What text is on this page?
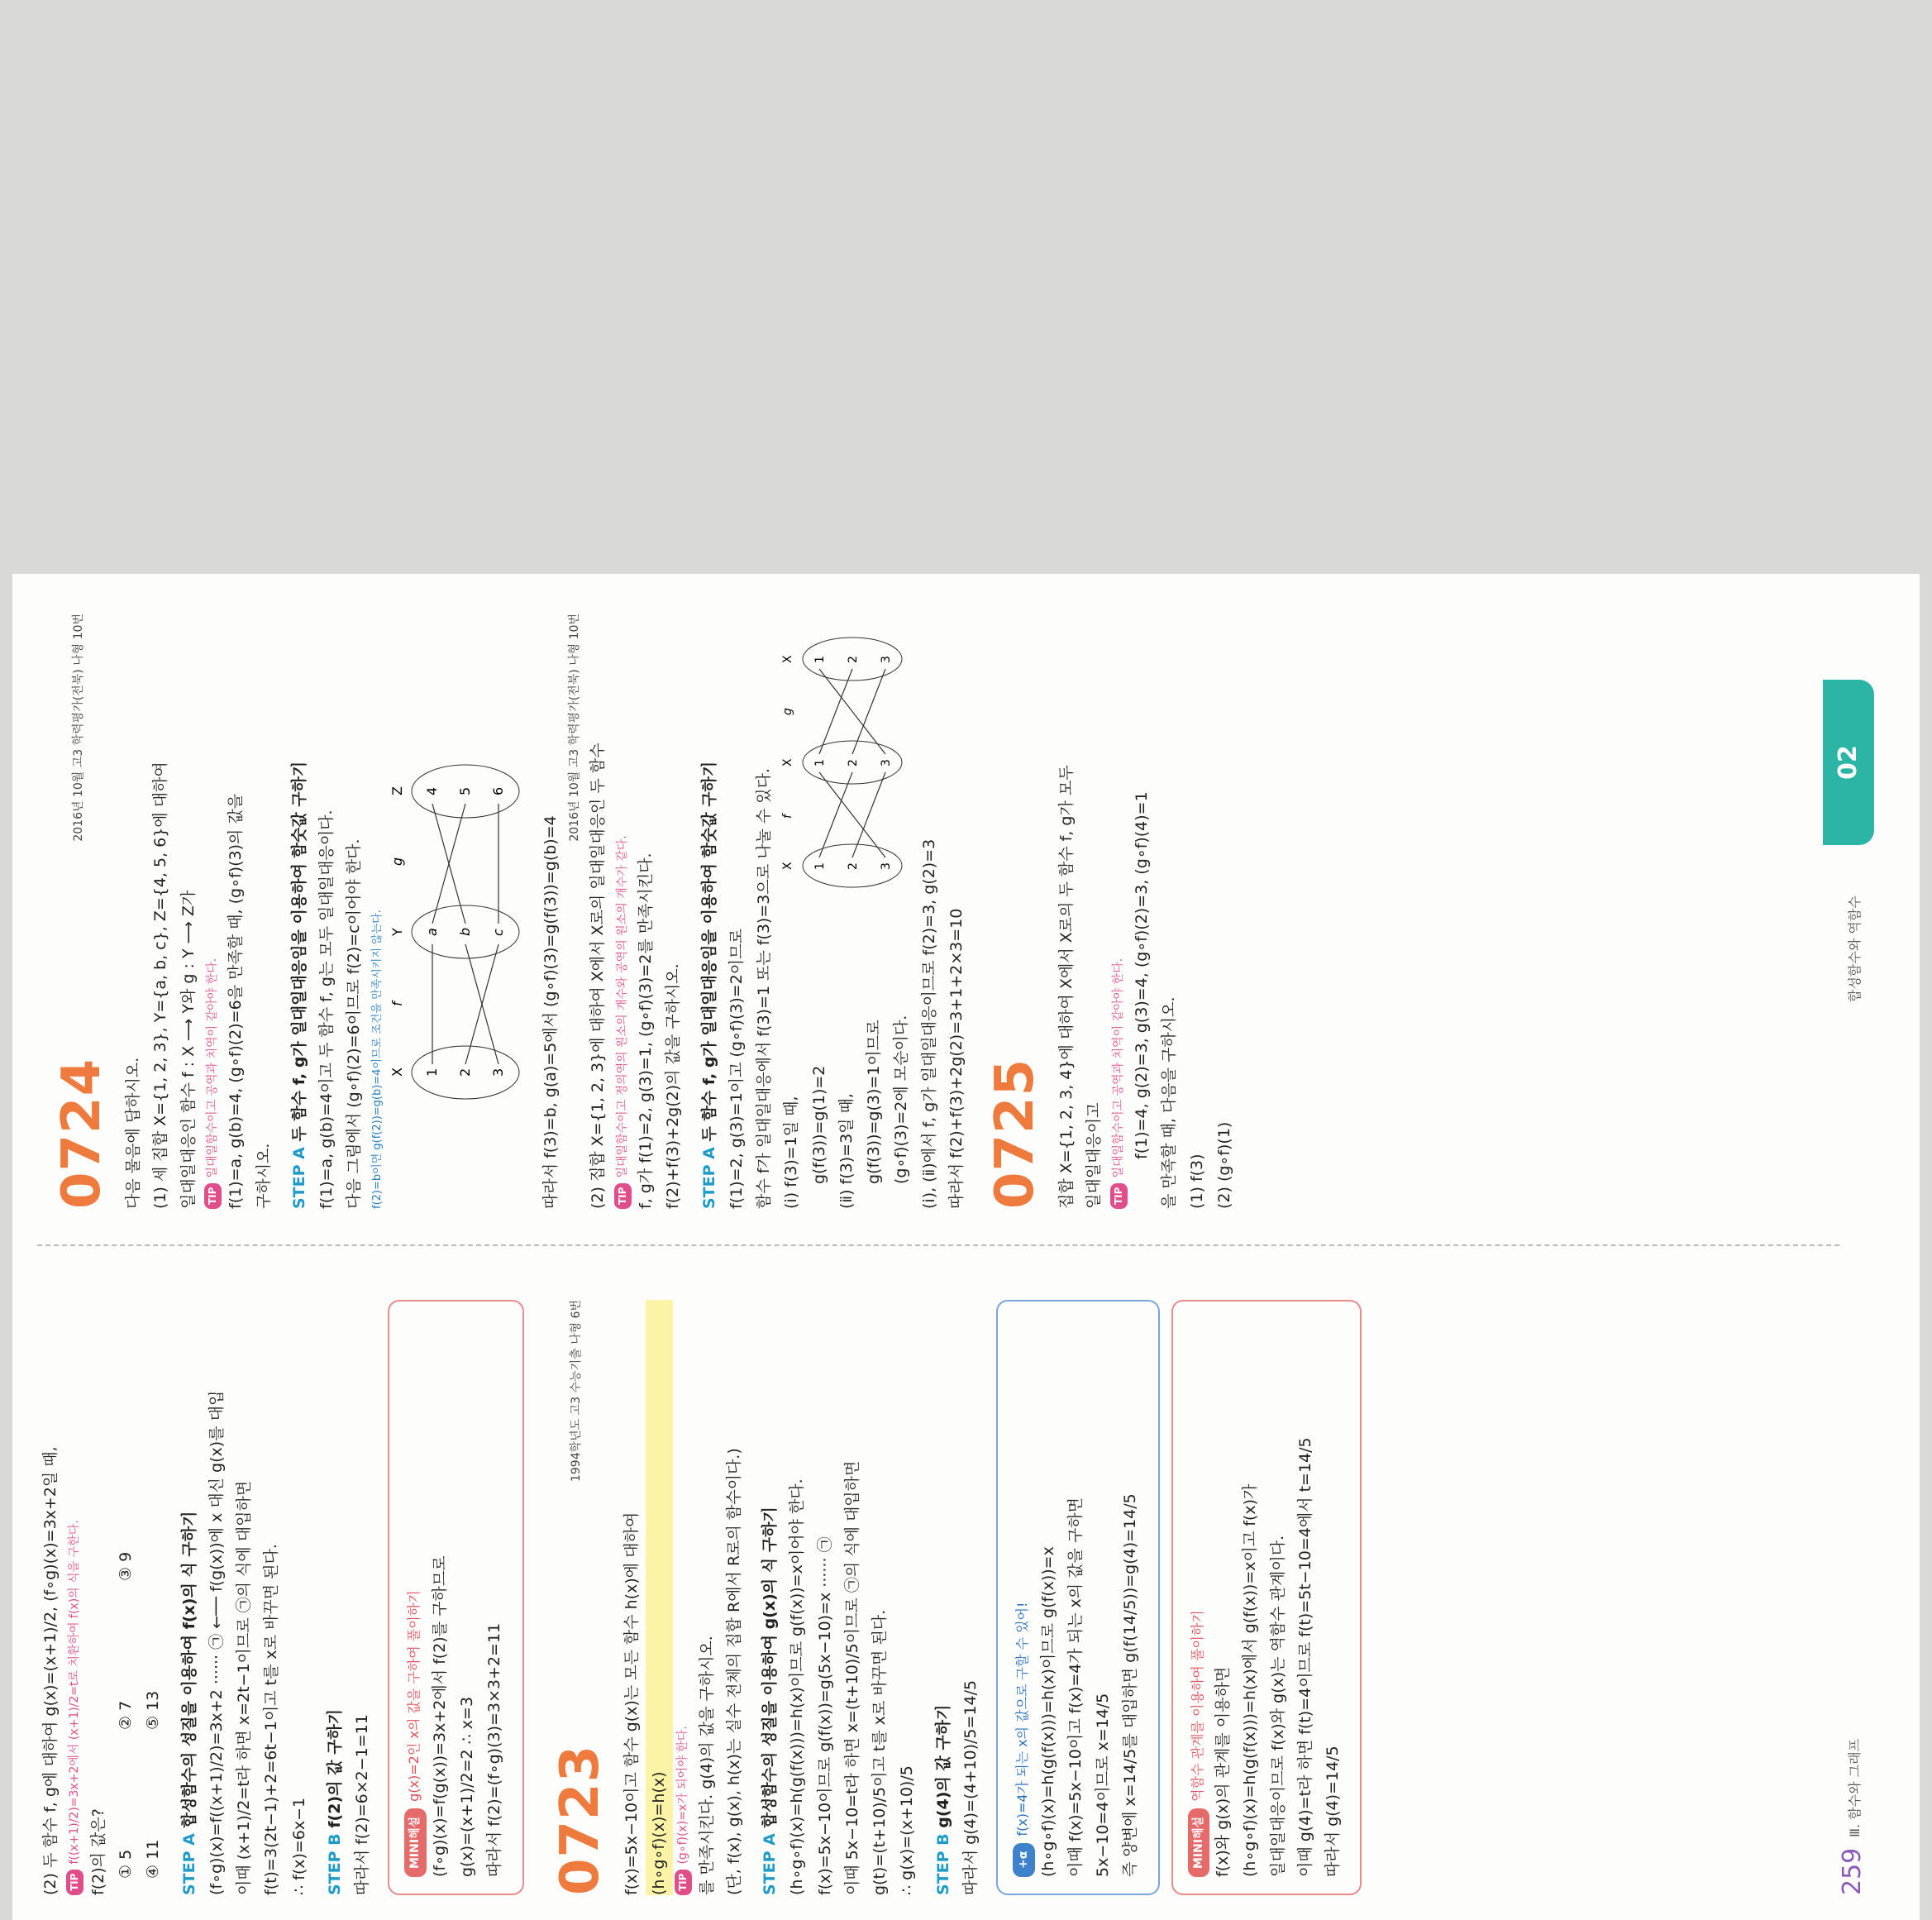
(2) 두 함수 f, g에 대하여 g(x)=(x+1)/2, (f∘g)(x)=3x+2일 때, TIPf((x+1)/2)=3x+2에서 (x+1)/2=t로 치환하여 f(x)의 식을 구한다. f(2)의 값은? ① 5
② 7
③ 9
④ 11
⑤ 13
STEP A 합성함수의 성질을 이용하여 f(x)의 식 구하기 (f∘g)(x)=f((x+1)/2)=3x+2 ······ ㉠ ←── f(g(x))에 x 대신 g(x)를 대입 이때 (x+1)/2=t라 하면 x=2t−1이므로 ㉠의 식에 대입하면 f(t)=3(2t−1)+2=6t−1이고 t를 x로 바꾸면 된다. ∴ f(x)=6x−1	STEP B f(2)의 값 구하기 따라서 f(2)=6×2−1=11	MINI해설g(x)=2인 x의 값을 구하여 풀이하기 (f∘g)(x)=f(g(x))=3x+2에서 f(2)를 구하므로 g(x)=(x+1)/2=2 ∴ x=3 따라서 f(2)=(f∘g)(3)=3×3+2=11 0723
1994학년도 고3 수능기출 나형 6번
f(x)=5x−10이고 함수 g(x)는 모든 함수 h(x)에 대하여 (h∘g∘f)(x)=h(x) TIP(g∘f)(x)=x가 되어야 한다. 를 만족시킨다. g(4)의 값을 구하시오. (단, f(x), g(x), h(x)는 실수 전체의 집합 R에서 R로의 함수이다.)	STEP A 합성함수의 성질을 이용하여 g(x)의 식 구하기 (h∘g∘f)(x)=h(g(f(x)))=h(x)이므로 g(f(x))=x이어야 한다. f(x)=5x−10이므로 g(f(x))=g(5x−10)=x ······ ㉠ 이때 5x−10=t라 하면 x=(t+10)/5이므로 ㉠의 식에 대입하면 g(t)=(t+10)/5이고 t를 x로 바꾸면 된다. ∴ g(x)=(x+10)/5	STEP B g(4)의 값 구하기 따라서 g(4)=(4+10)/5=14/5	+αf(x)=4가 되는 x의 값으로 구할 수 있어! (h∘g∘f)(x)=h(g(f(x)))=h(x)이므로 g(f(x))=x 이때 f(x)=5x−10이고 f(x)=4가 되는 x의 값을 구하면 5x−10=4이므로 x=14/5 즉 양변에 x=14/5를 대입하면 g(f(14/5))=g(4)=14/5	MINI해설역함수 관계를 이용하여 풀이하기 f(x)와 g(x)의 관계를 이용하면 (h∘g∘f)(x)=h(g(f(x)))=h(x)에서 g(f(x))=x이고 f(x)가 일대일대응이므로 f(x)와 g(x)는 역함수 관계이다. 이때 g(4)=t라 하면 f(t)=4이므로 f(t)=5t−10=4에서 t=14/5 따라서 g(4)=14/5
0724
2016년 10월 고3 학력평가(전북) 나형 10번
다음 물음에 답하시오. (1) 세 집합 X={1, 2, 3}, Y={a, b, c}, Z={4, 5, 6}에 대하여 일대일대응인 함수 f : X ⟶ Y와 g : Y ⟶ Z가 TIP일대일함수이고 공역과 치역이 같아야 한다. f(1)=a, g(b)=4, (g∘f)(2)=6을 만족할 때, (g∘f)(3)의 값을 구하시오.	STEP A 두 함수 f, g가 일대일대응임을 이용하여 함숫값 구하기 f(1)=a, g(b)=4이고 두 함수 f, g는 모두 일대일대응이다. 다음 그림에서 (g∘f)(2)=6이므로 f(2)=c이어야 한다. f(2)=b이면 g(f(2))=g(b)=4이므로 조건을 만족시키지 않는다. X
Y
Z
f
g
1 2 3
a b c
4 5 6
따라서 f(3)=b, g(a)=5에서 (g∘f)(3)=g(f(3))=g(b)=4
2016년 10월 고3 학력평가(전북) 나형 10번
(2) 집합 X={1, 2, 3}에 대하여 X에서 X로의 일대일대응인 두 함수 TIP일대일함수이고 정의역의 원소의 개수와 공역의 원소의 개수가 같다. f, g가 f(1)=2, g(3)=1, (g∘f)(3)=2를 만족시킨다. f(2)+f(3)+2g(2)의 값을 구하시오.	STEP A 두 함수 f, g가 일대일대응임을 이용하여 함숫값 구하기 f(1)=2, g(3)=1이고 (g∘f)(3)=2이므로 함수 f가 일대일대응에서 f(3)=1 또는 f(3)=3으로 나눌 수 있다. (ⅰ) f(3)=1일 때, g(f(3))=g(1)=2 (ⅱ) f(3)=3일 때, g(f(3))=g(3)=1이므로 (g∘f)(3)=2에 모순이다.
X
X
X
f
g
1 2 3
1 2 3
1 2 3
(ⅰ), (ⅱ)에서 f, g가 일대일대응이므로 f(2)=3, g(2)=3 따라서 f(2)+f(3)+2g(2)=3+1+2×3=10 0725 집합 X={1, 2, 3, 4}에 대하여 X에서 X로의 두 함수 f, g가 모두 일대일대응이고 TIP일대일함수이고 공역과 치역이 같아야 한다. f(1)=4, g(2)=3, g(3)=4, (g∘f)(2)=3, (g∘f)(4)=1 을 만족할 때, 다음을 구하시오. (1) f(3) (2) (g∘f)(1)
259
Ⅲ. 함수와 그래프
합성함수와 역함수
02
